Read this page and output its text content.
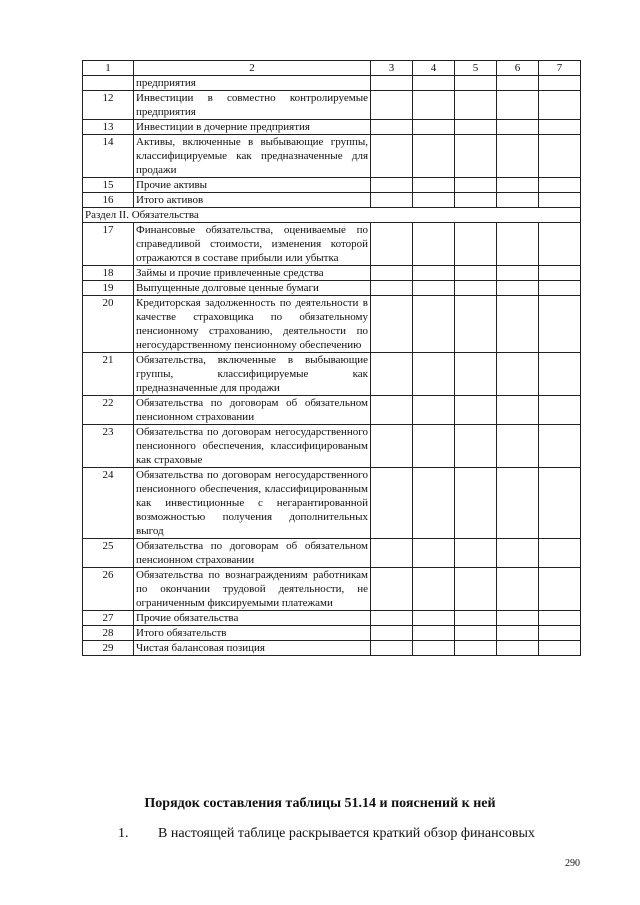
1	2	3	4	5	6	7
	предприятия					
12	Инвестиции в совместно контролируемые предприятия					
13	Инвестиции в дочерние предприятия					
14	Активы, включенные в выбывающие группы, классифицируемые как предназначенные для продажи					
15	Прочие активы					
16	Итого активов					
Раздел II. Обязательства						
17	Финансовые обязательства, оцениваемые по справедливой стоимости, изменения которой отражаются в составе прибыли или убытка					
18	Займы и прочие привлеченные средства					
19	Выпущенные долговые ценные бумаги					
20	Кредиторская задолженность по деятельности в качестве страховщика по обязательному пенсионному страхованию, деятельности по негосударственному пенсионному обеспечению					
21	Обязательства, включенные в выбывающие группы, классифицируемые как предназначенные для продажи					
22	Обязательства по договорам об обязательном пенсионном страховании					
23	Обязательства по договорам негосударственного пенсионного обеспечения, классифицированым как страховые					
24	Обязательства по договорам негосударственного пенсионного обеспечения, классифицированным как инвестиционные с негарантированной возможностью получения дополнительных выгод					
25	Обязательства по договорам об обязательном пенсионном страховании					
26	Обязательства по вознаграждениям работникам по окончании трудовой деятельности, не ограниченным фиксируемыми платежами					
27	Прочие обязательства					
28	Итого обязательств					
29	Чистая балансовая позиция					
Порядок составления таблицы 51.14 и пояснений к ней
1. В настоящей таблице раскрывается краткий обзор финансовых
290
